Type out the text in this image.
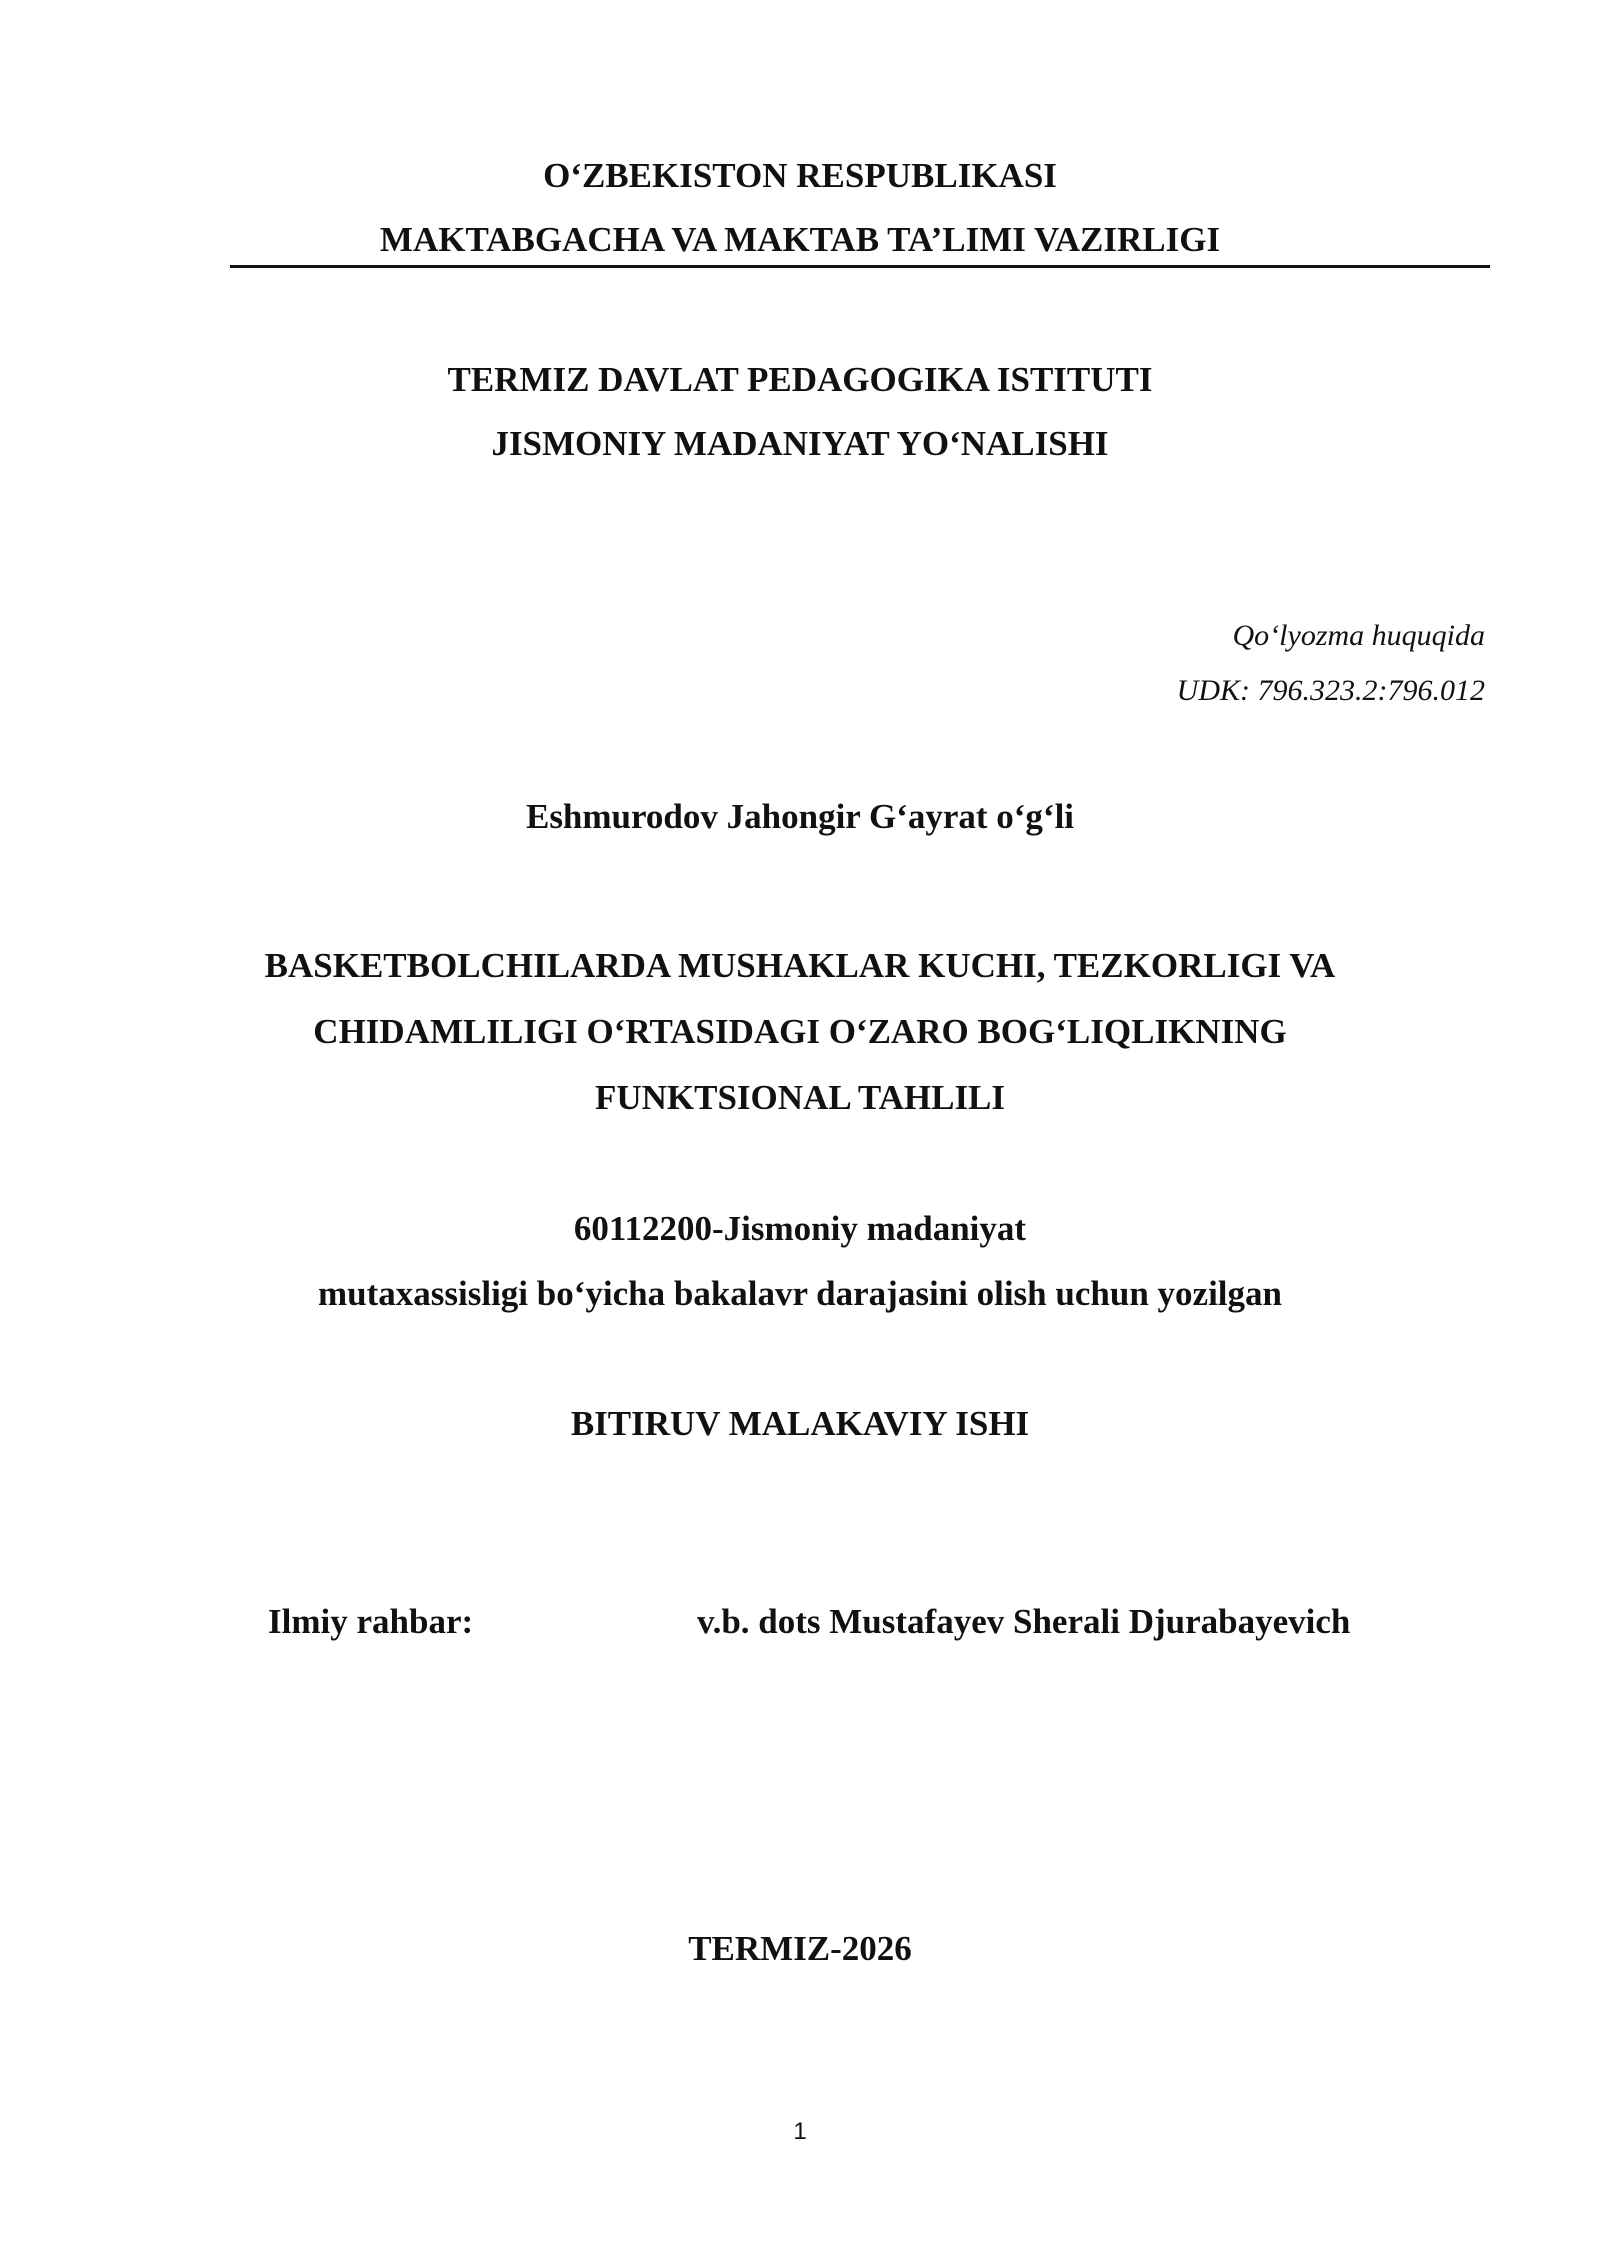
O‘ZBEKISTON RESPUBLIKASI
MAKTABGACHA VA MAKTAB TA’LIMI VAZIRLIGI
TERMIZ DAVLAT PEDAGOGIKA ISTITUTI
JISMONIY MADANIYAT YO‘NALISHI
Qo‘lyozma huquqida
UDK: 796.323.2:796.012
Eshmurodov Jahongir G‘ayrat o‘g‘li
BASKETBOLCHILARDA MUSHAKLAR KUCHI, TEZKORLIGI VA
CHIDAMLILIGI O‘RTASIDAGI O‘ZARO BOG‘LIQLIKNING
FUNKTSIONAL TAHLILI
60112200-Jismoniy madaniyat
mutaxassisligi bo‘yicha bakalavr darajasini olish uchun yozilgan
BITIRUV MALAKAVIY ISHI
Ilmiy rahbar:	v.b. dots Mustafayev Sherali Djurabayevich
TERMIZ-2026
1
